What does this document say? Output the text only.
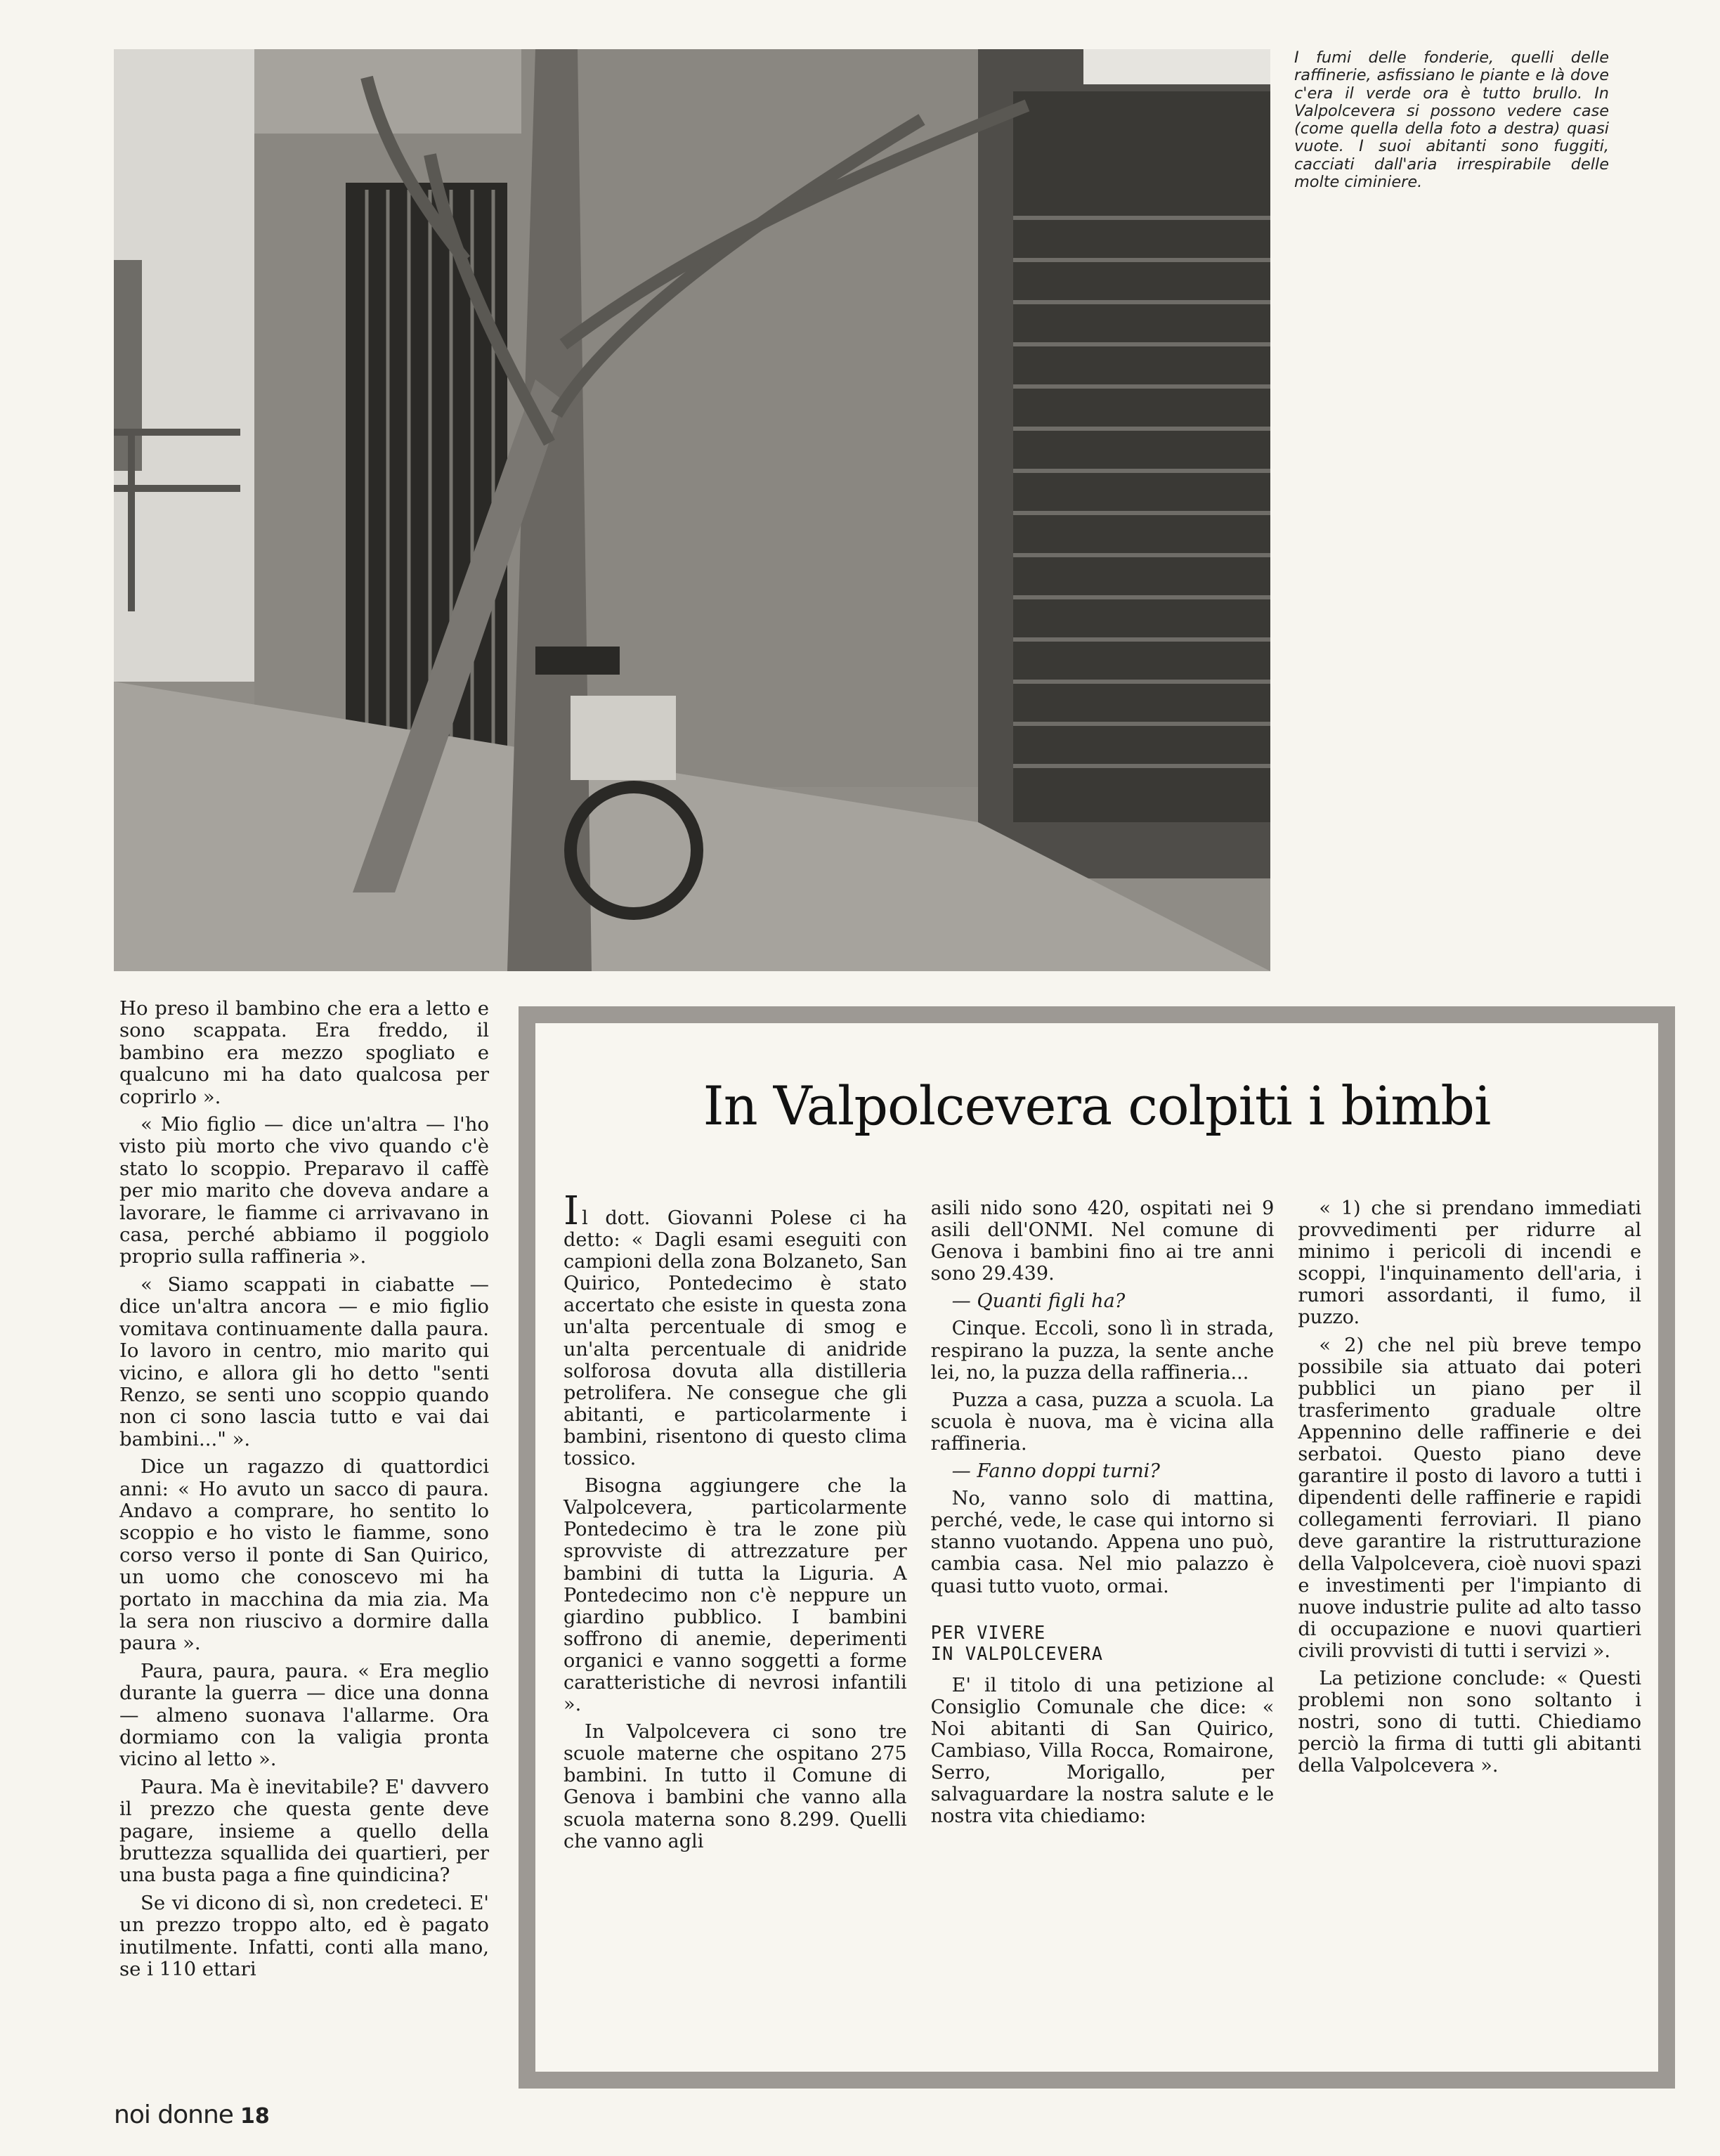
I fumi delle fonderie, quelli delle raffinerie, asfissiano le piante e là dove c'era il verde ora è tutto brullo. In Valpolcevera si possono vedere case (come quella della foto a destra) quasi vuote. I suoi abitanti sono fuggiti, cacciati dall'aria irrespirabile delle molte ciminiere.

Ho preso il bambino che era a letto e sono scappata. Era freddo, il bambino era mezzo spogliato e qualcuno mi ha dato qualcosa per coprirlo ».

« Mio figlio — dice un'altra — l'ho visto più morto che vivo quando c'è stato lo scoppio. Preparavo il caffè per mio marito che doveva andare a lavorare, le fiamme ci arrivavano in casa, perché abbiamo il poggiolo proprio sulla raffineria ».

« Siamo scappati in ciabatte — dice un'altra ancora — e mio figlio vomitava continuamente dalla paura. Io lavoro in centro, mio marito qui vicino, e allora gli ho detto "senti Renzo, se senti uno scoppio quando non ci sono lascia tutto e vai dai bambini..." ».

Dice un ragazzo di quattordici anni: « Ho avuto un sacco di paura. Andavo a comprare, ho sentito lo scoppio e ho visto le fiamme, sono corso verso il ponte di San Quirico, un uomo che conoscevo mi ha portato in macchina da mia zia. Ma la sera non riuscivo a dormire dalla paura ».

Paura, paura, paura. « Era meglio durante la guerra — dice una donna — almeno suonava l'allarme. Ora dormiamo con la valigia pronta vicino al letto ».

Paura. Ma è inevitabile? E' davvero il prezzo che questa gente deve pagare, insieme a quello della bruttezza squallida dei quartieri, per una busta paga a fine quindicina?

Se vi dicono di sì, non credeteci. E' un prezzo troppo alto, ed è pagato inutilmente. Infatti, conti alla mano, se i 110 ettari

In Valpolcevera colpiti i bimbi

Il dott. Giovanni Polese ci ha detto: « Dagli esami eseguiti con campioni della zona Bolzaneto, San Quirico, Pontedecimo è stato accertato che esiste in questa zona un'alta percentuale di smog e un'alta percentuale di anidride solforosa dovuta alla distilleria petrolifera. Ne consegue che gli abitanti, e particolarmente i bambini, risentono di questo clima tossico.

Bisogna aggiungere che la Valpolcevera, particolarmente Pontedecimo è tra le zone più sprovviste di attrezzature per bambini di tutta la Liguria. A Pontedecimo non c'è neppure un giardino pubblico. I bambini soffrono di anemie, deperimenti organici e vanno soggetti a forme caratteristiche di nevrosi infantili ».

In Valpolcevera ci sono tre scuole materne che ospitano 275 bambini. In tutto il Comune di Genova i bambini che vanno alla scuola materna sono 8.299. Quelli che vanno agli

asili nido sono 420, ospitati nei 9 asili dell'ONMI. Nel comune di Genova i bambini fino ai tre anni sono 29.439.

— Quanti figli ha?

Cinque. Eccoli, sono lì in strada, respirano la puzza, la sente anche lei, no, la puzza della raffineria...

Puzza a casa, puzza a scuola. La scuola è nuova, ma è vicina alla raffineria.

— Fanno doppi turni?

No, vanno solo di mattina, perché, vede, le case qui intorno si stanno vuotando. Appena uno può, cambia casa. Nel mio palazzo è quasi tutto vuoto, ormai.

PER VIVERE
IN VALPOLCEVERA

E' il titolo di una petizione al Consiglio Comunale che dice: « Noi abitanti di San Quirico, Cambiaso, Villa Rocca, Romairone, Serro, Morigallo, per salvaguardare la nostra salute e le nostra vita chiediamo:

« 1) che si prendano immediati provvedimenti per ridurre al minimo i pericoli di incendi e scoppi, l'inquinamento dell'aria, i rumori assordanti, il fumo, il puzzo.

« 2) che nel più breve tempo possibile sia attuato dai poteri pubblici un piano per il trasferimento graduale oltre Appennino delle raffinerie e dei serbatoi. Questo piano deve garantire il posto di lavoro a tutti i dipendenti delle raffinerie e rapidi collegamenti ferroviari. Il piano deve garantire la ristrutturazione della Valpolcevera, cioè nuovi spazi e investimenti per l'impianto di nuove industrie pulite ad alto tasso di occupazione e nuovi quartieri civili provvisti di tutti i servizi ».

La petizione conclude: « Questi problemi non sono soltanto i nostri, sono di tutti. Chiediamo perciò la firma di tutti gli abitanti della Valpolcevera ».

noi donne 18
